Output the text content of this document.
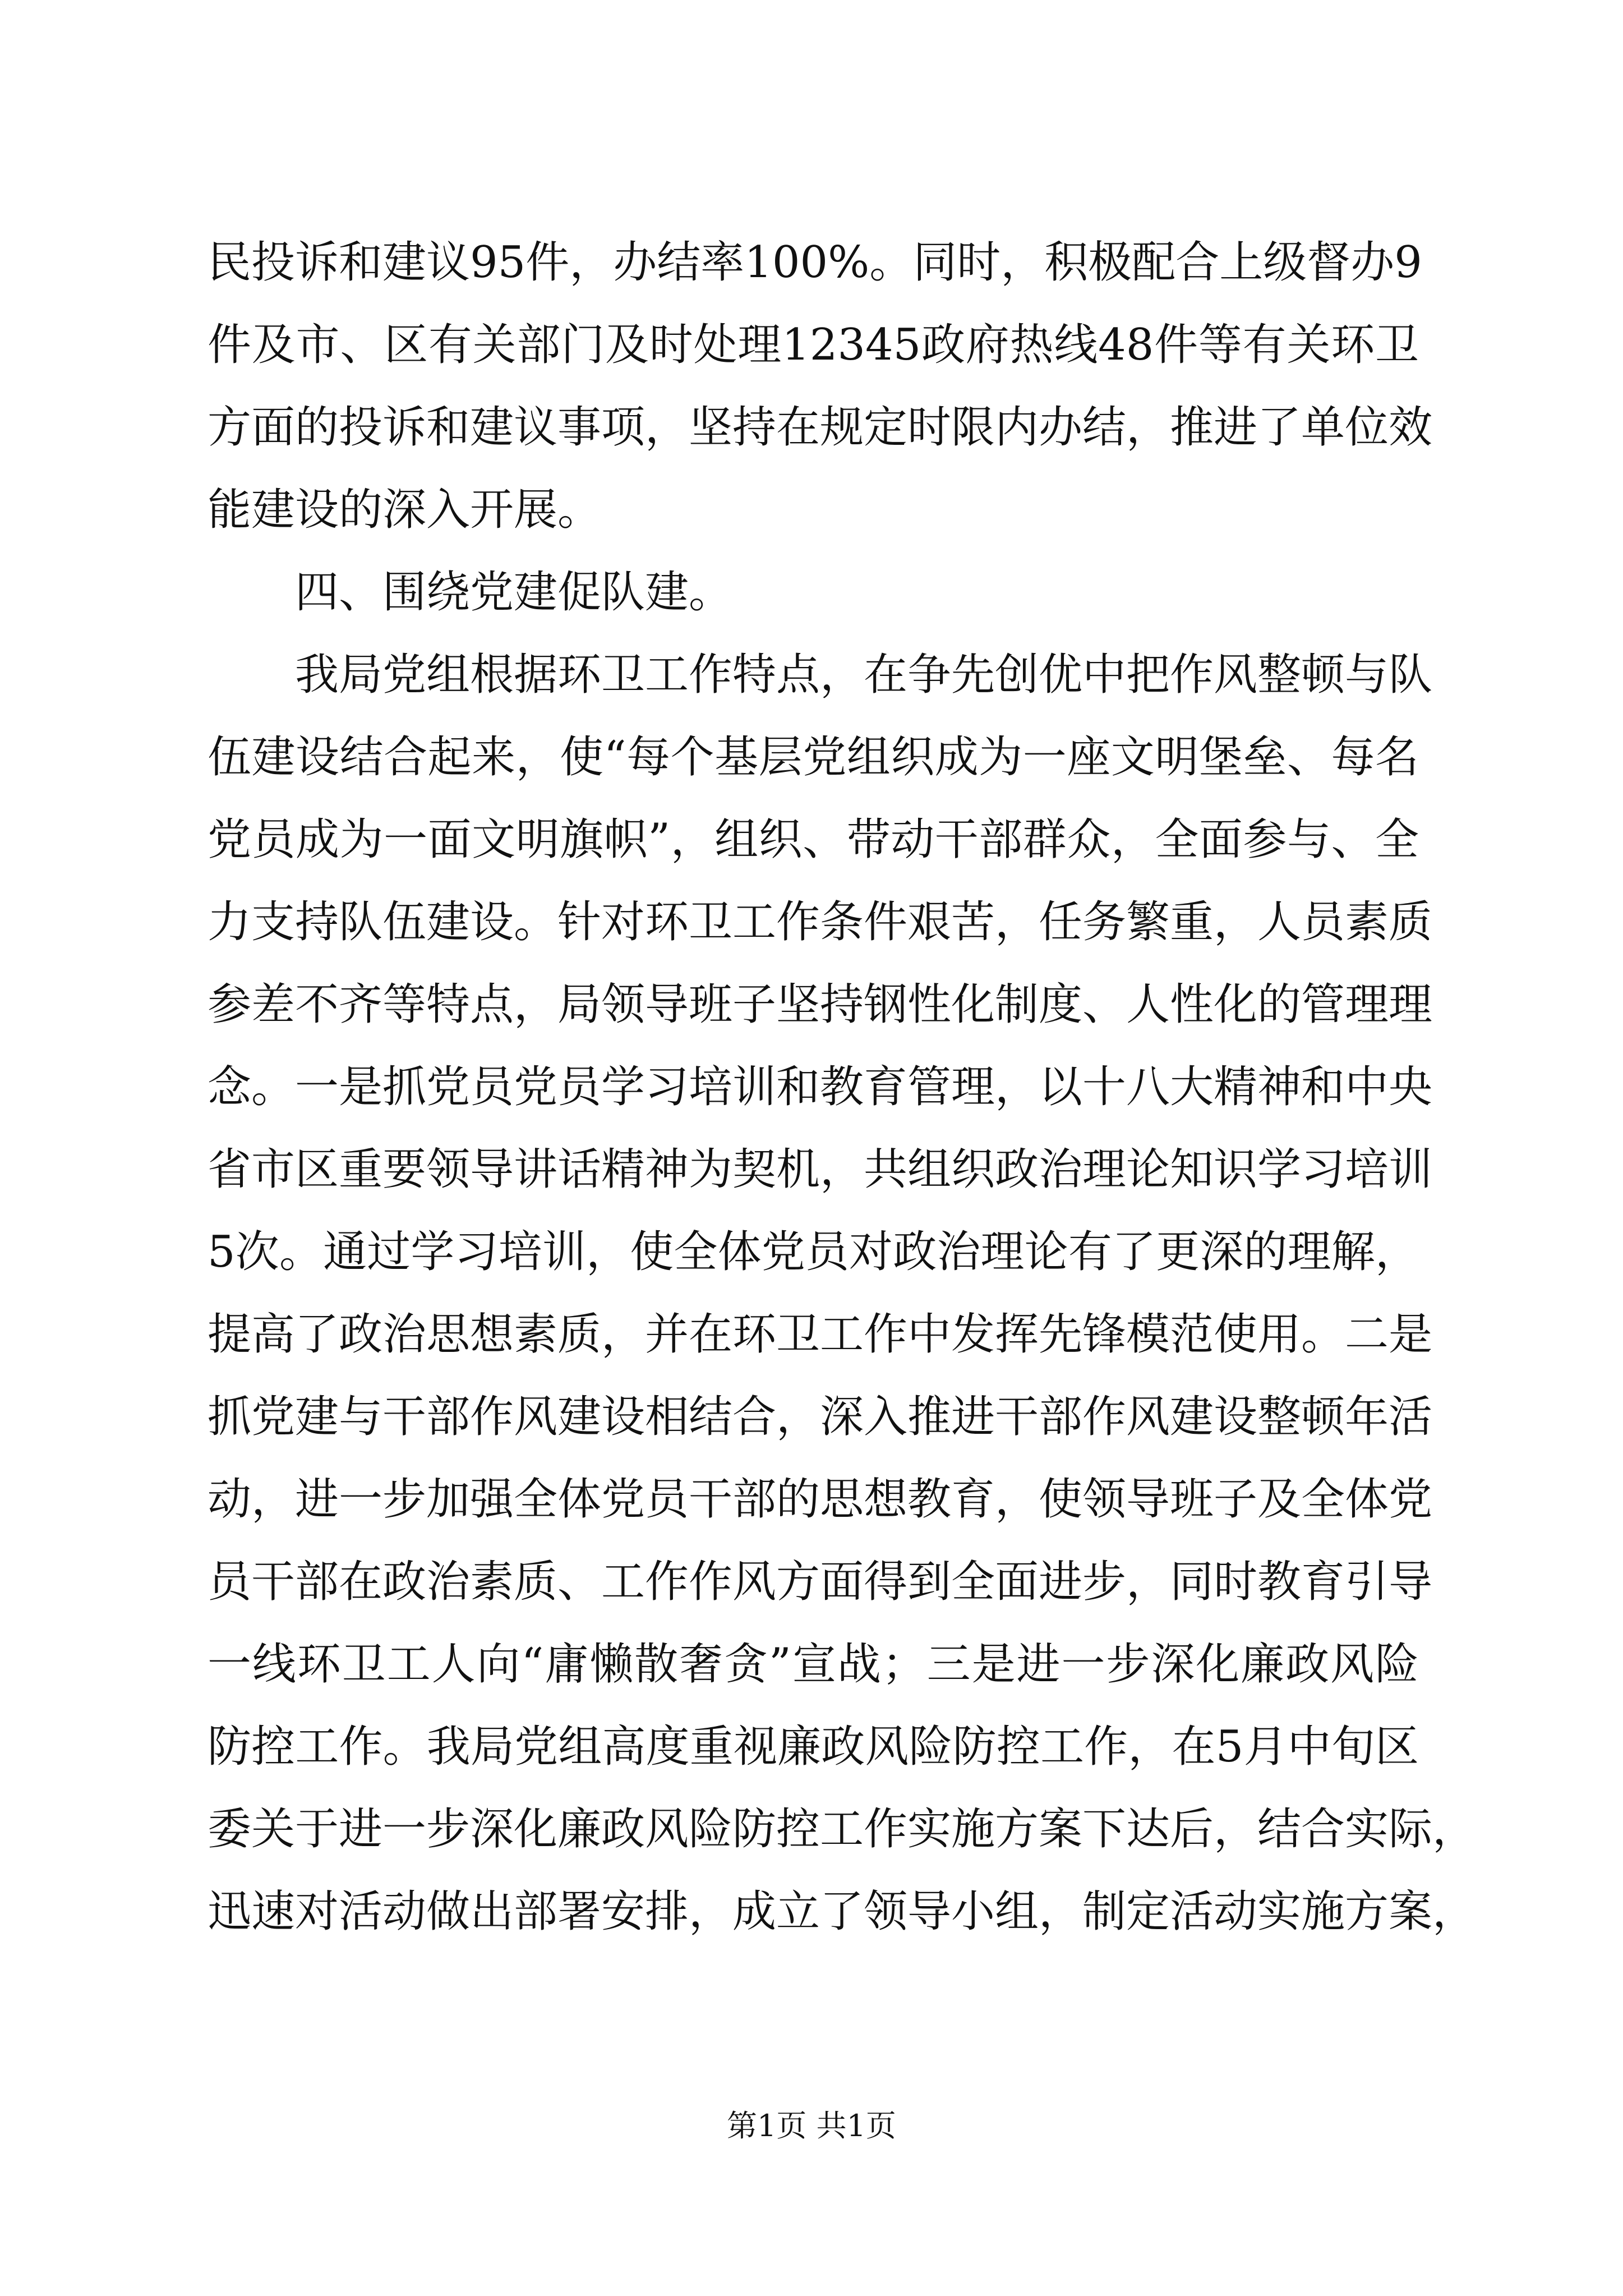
民投诉和建议95件，办结率100%。同时，积极配合上级督办9
件及市、区有关部门及时处理12345政府热线48件等有关环卫
方面的投诉和建议事项，坚持在规定时限内办结，推进了单位效
能建设的深入开展。
四、围绕党建促队建。
我局党组根据环卫工作特点，在争先创优中把作风整顿与队
伍建设结合起来，使“每个基层党组织成为一座文明堡垒、每名
党员成为一面文明旗帜”，组织、带动干部群众，全面参与、全
力支持队伍建设。针对环卫工作条件艰苦，任务繁重，人员素质
参差不齐等特点，局领导班子坚持钢性化制度、人性化的管理理
念。一是抓党员党员学习培训和教育管理，以十八大精神和中央
省市区重要领导讲话精神为契机，共组织政治理论知识学习培训
5次。通过学习培训，使全体党员对政治理论有了更深的理解，
提高了政治思想素质，并在环卫工作中发挥先锋模范使用。二是
抓党建与干部作风建设相结合，深入推进干部作风建设整顿年活
动，进一步加强全体党员干部的思想教育，使领导班子及全体党
员干部在政治素质、工作作风方面得到全面进步，同时教育引导
一线环卫工人向“庸懒散奢贪”宣战；三是进一步深化廉政风险
防控工作。我局党组高度重视廉政风险防控工作，在5月中旬区
委关于进一步深化廉政风险防控工作实施方案下达后，结合实际，
迅速对活动做出部署安排，成立了领导小组，制定活动实施方案，
第1页 共1页
